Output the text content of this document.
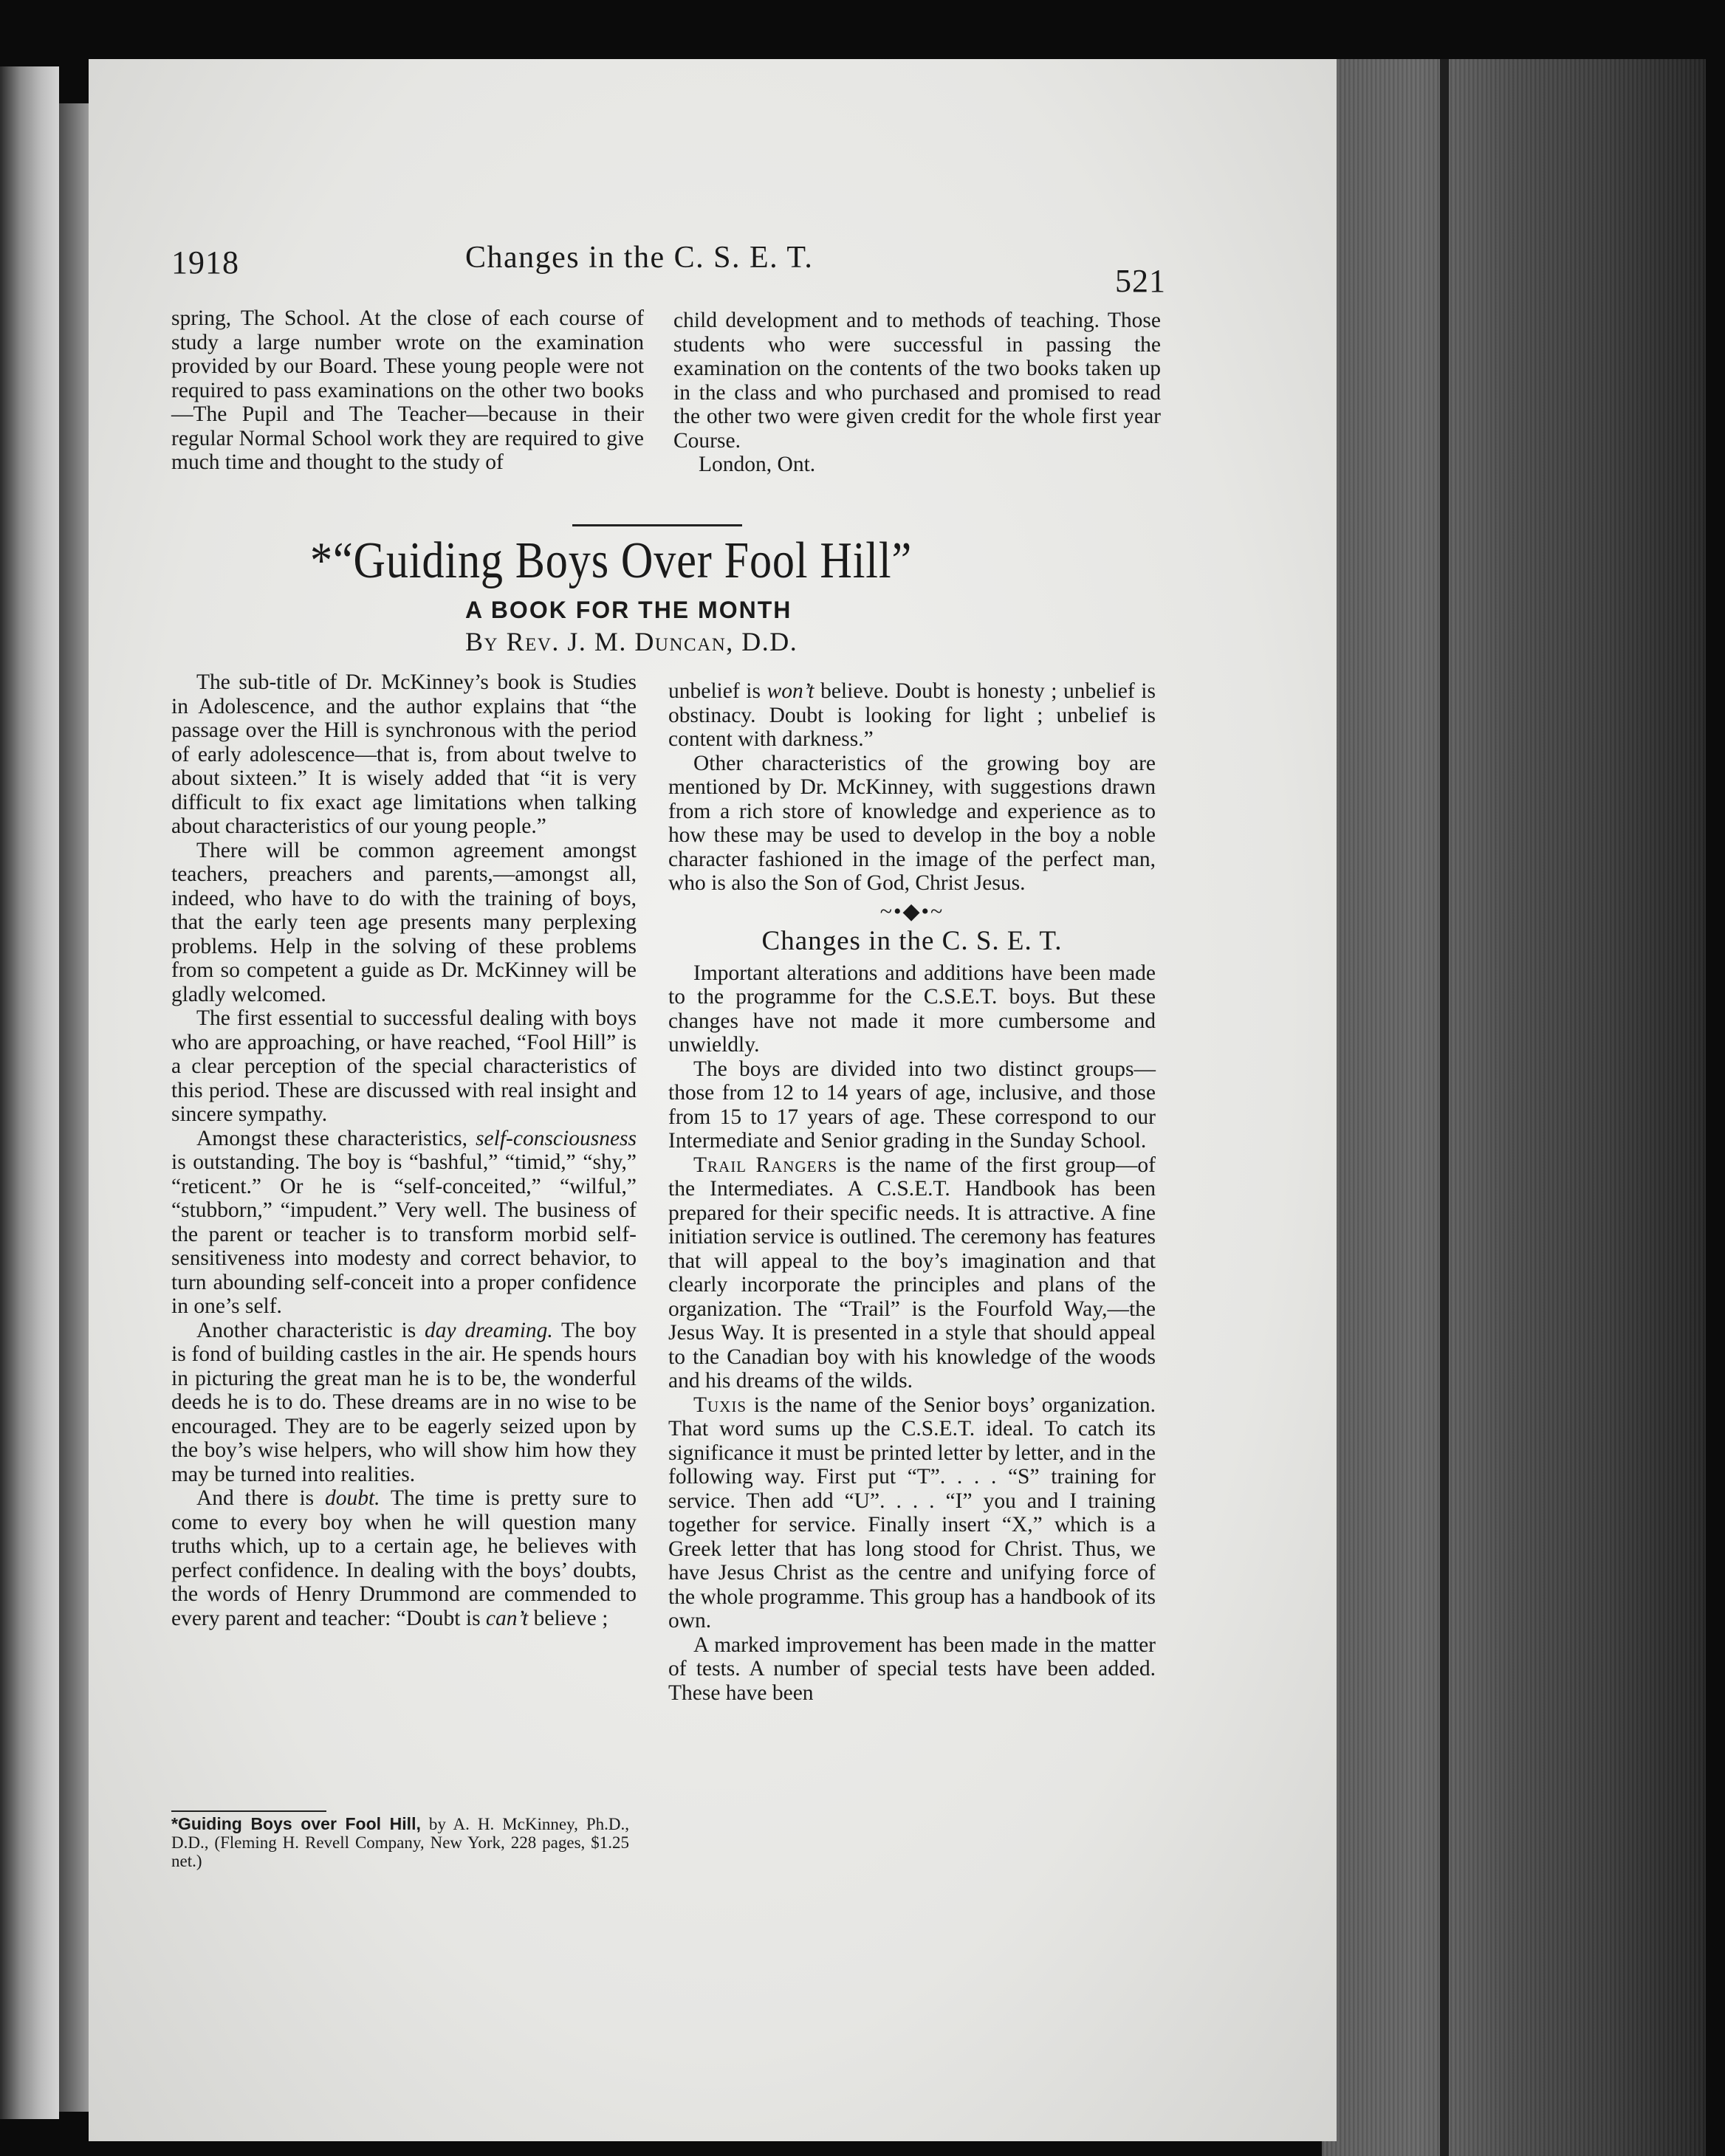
1918	Changes in the C. S. E. T.
521

spring, The School. At the close of each course of study a large number wrote on the examination provided by our Board. These young people were not required to pass examinations on the other two books—The Pupil and The Teacher—because in their regular Normal School work they are required to give much time and thought to the study of

child development and to methods of teaching. Those students who were successful in passing the examination on the contents of the two books taken up in the class and who purchased and promised to read the other two were given credit for the whole first year Course.

London, Ont.

*“Guiding Boys Over Fool Hill”
A BOOK FOR THE MONTH
By Rev. J. M. Duncan, D.D.

The sub-title of Dr. McKinney’s book is Studies in Adolescence, and the author explains that “the passage over the Hill is synchronous with the period of early adolescence—that is, from about twelve to about sixteen.” It is wisely added that “it is very difficult to fix exact age limitations when talking about characteristics of our young people.”

There will be common agreement amongst teachers, preachers and parents,—amongst all, indeed, who have to do with the training of boys, that the early teen age presents many perplexing problems. Help in the solving of these problems from so competent a guide as Dr. McKinney will be gladly welcomed.

The first essential to successful dealing with boys who are approaching, or have reached, “Fool Hill” is a clear perception of the special characteristics of this period. These are discussed with real insight and sincere sympathy.

Amongst these characteristics, self-consciousness is outstanding. The boy is “bashful,” “timid,” “shy,” “reticent.” Or he is “self-conceited,” “wilful,” “stubborn,” “impudent.” Very well. The business of the parent or teacher is to transform morbid self-sensitiveness into modesty and correct behavior, to turn abounding self-conceit into a proper confidence in one’s self.

Another characteristic is day dreaming. The boy is fond of building castles in the air. He spends hours in picturing the great man he is to be, the wonderful deeds he is to do. These dreams are in no wise to be encouraged. They are to be eagerly seized upon by the boy’s wise helpers, who will show him how they may be turned into realities.

And there is doubt. The time is pretty sure to come to every boy when he will question many truths which, up to a certain age, he believes with perfect confidence. In dealing with the boys’ doubts, the words of Henry Drummond are commended to every parent and teacher: “Doubt is can’t believe ;

*Guiding Boys over Fool Hill, by A. H. McKinney, Ph.D., D.D., (Fleming H. Revell Company, New York, 228 pages, $1.25 net.)

unbelief is won’t believe. Doubt is honesty ; unbelief is obstinacy. Doubt is looking for light ; unbelief is content with darkness.”

Other characteristics of the growing boy are mentioned by Dr. McKinney, with suggestions drawn from a rich store of knowledge and experience as to how these may be used to develop in the boy a noble character fashioned in the image of the perfect man, who is also the Son of God, Christ Jesus.

~•◆•~
Changes in the C. S. E. T.

Important alterations and additions have been made to the programme for the C.S.E.T. boys. But these changes have not made it more cumbersome and unwieldly.

The boys are divided into two distinct groups—those from 12 to 14 years of age, inclusive, and those from 15 to 17 years of age. These correspond to our Intermediate and Senior grading in the Sunday School.

Trail Rangers is the name of the first group—of the Intermediates. A C.S.E.T. Handbook has been prepared for their specific needs. It is attractive. A fine initiation service is outlined. The ceremony has features that will appeal to the boy’s imagination and that clearly incorporate the principles and plans of the organization. The “Trail” is the Fourfold Way,—the Jesus Way. It is presented in a style that should appeal to the Canadian boy with his knowledge of the woods and his dreams of the wilds.

Tuxis is the name of the Senior boys’ organization. That word sums up the C.S.E.T. ideal. To catch its significance it must be printed letter by letter, and in the following way. First put “T”. . . . “S” training for service. Then add “U”. . . . “I” you and I training together for service. Finally insert “X,” which is a Greek letter that has long stood for Christ. Thus, we have Jesus Christ as the centre and unifying force of the whole programme. This group has a handbook of its own.

A marked improvement has been made in the matter of tests. A number of special tests have been added. These have been
